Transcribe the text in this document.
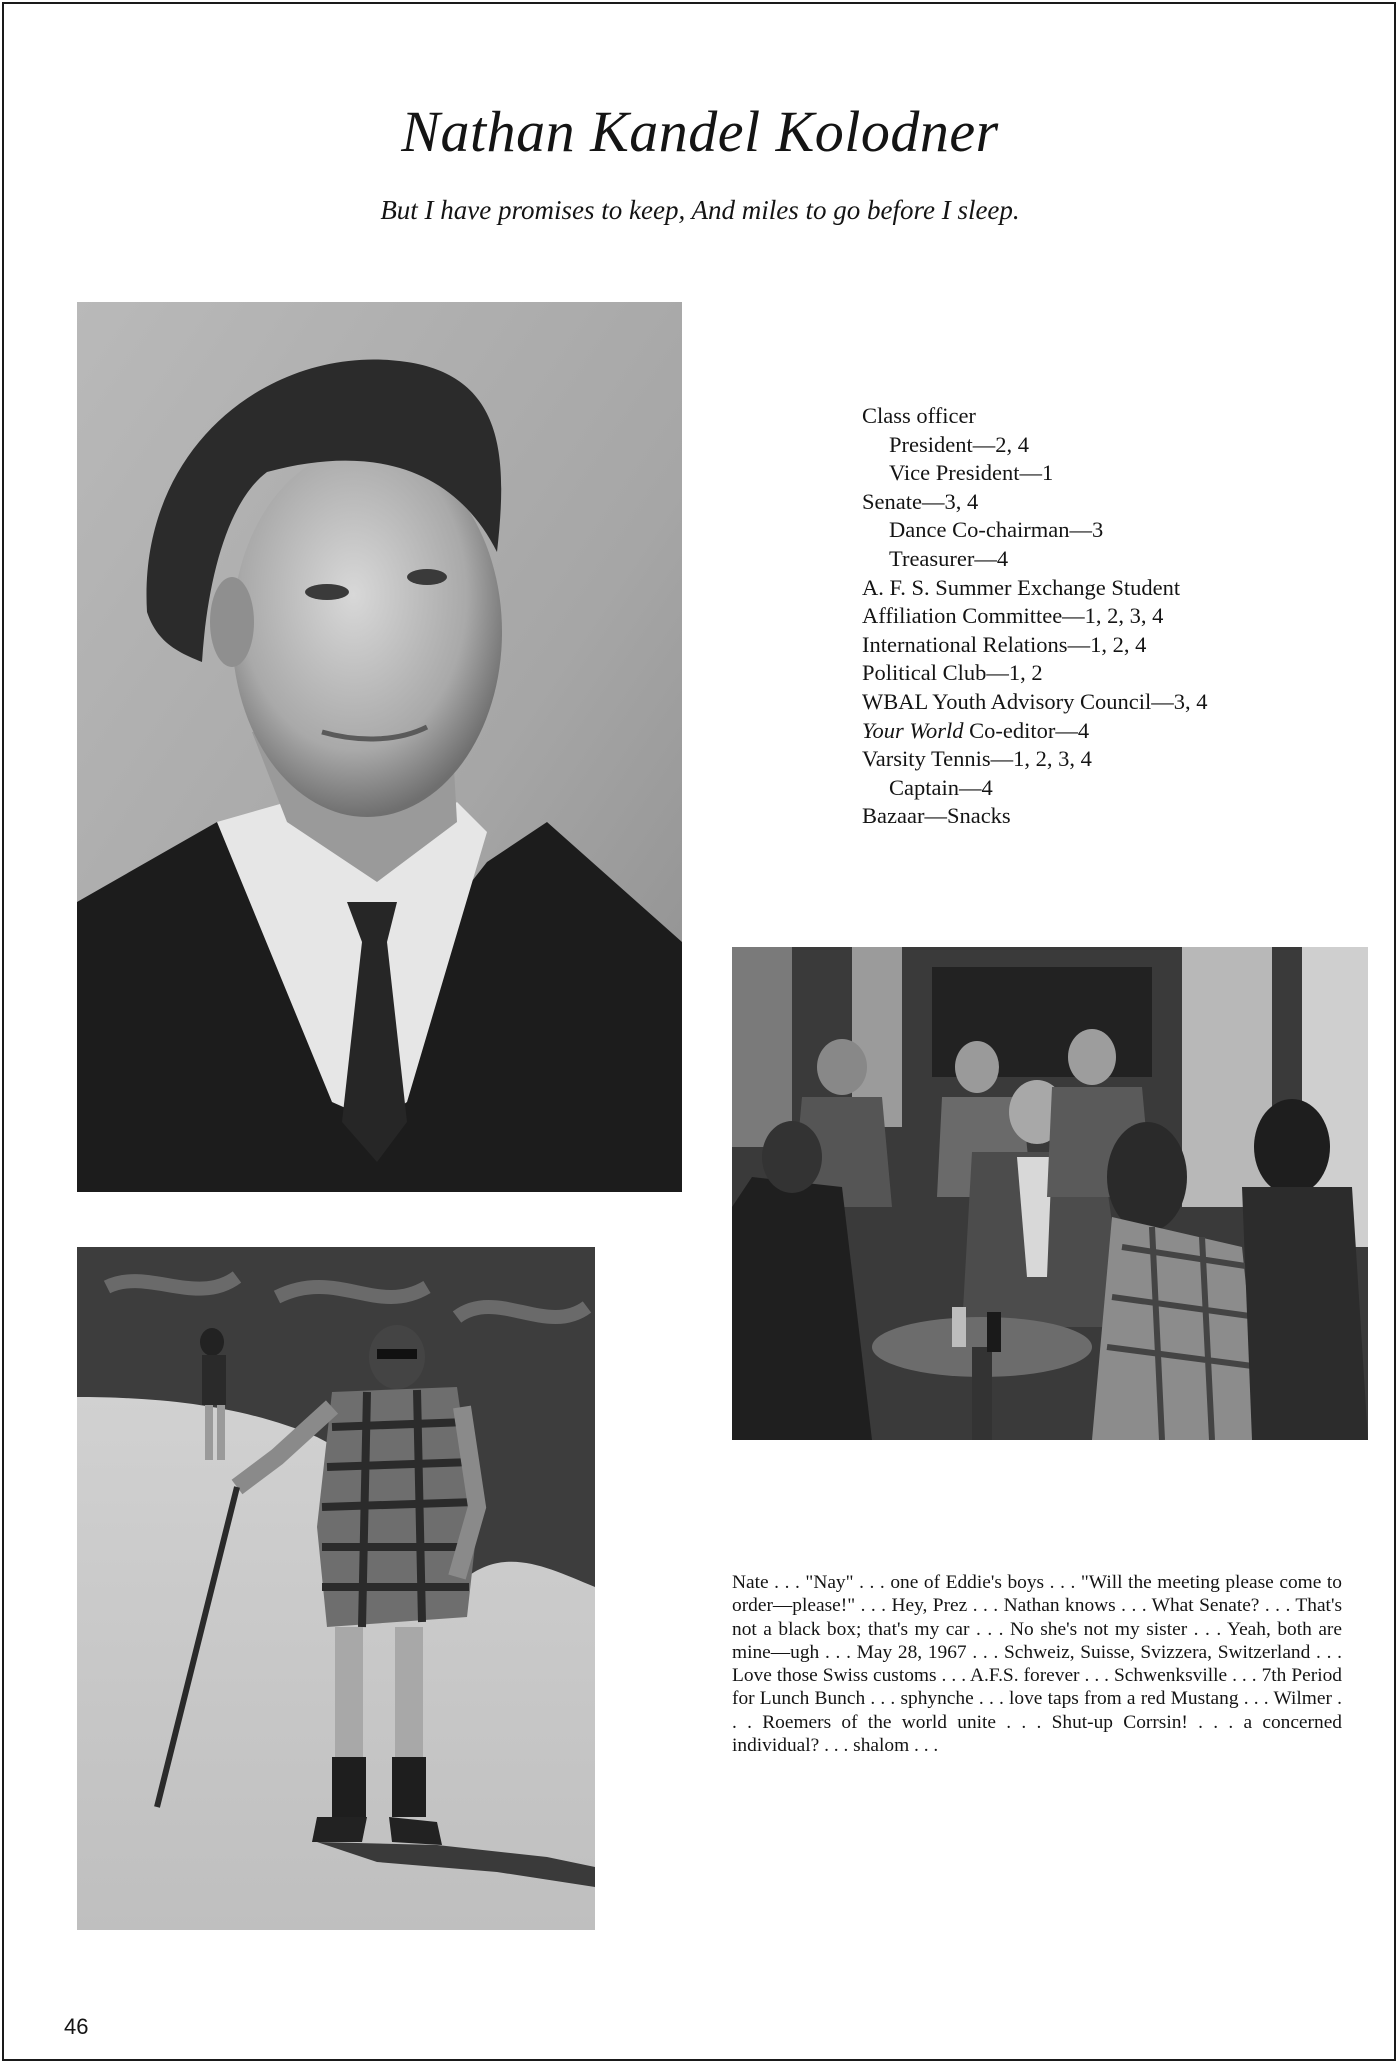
Nathan Kandel Kolodner

But I have promises to keep, And miles to go before I sleep.

Class officer
President—2, 4
Vice President—1
Senate—3, 4
Dance Co-chairman—3
Treasurer—4
A. F. S. Summer Exchange Student
Affiliation Committee—1, 2, 3, 4
International Relations—1, 2, 4
Political Club—1, 2
WBAL Youth Advisory Council—3, 4
Your World Co-editor—4
Varsity Tennis—1, 2, 3, 4
Captain—4
Bazaar—Snacks

Nate . . . "Nay" . . . one of Eddie's boys . . . "Will the meeting please come to order—please!" . . . Hey, Prez . . . Nathan knows . . . What Senate? . . . That's not a black box; that's my car . . . No she's not my sister . . . Yeah, both are mine—ugh . . . May 28, 1967 . . . Schweiz, Suisse, Svizzera, Switzerland . . . Love those Swiss customs . . . A.F.S. forever . . . Schwenksville . . . 7th Period for Lunch Bunch . . . sphynche . . . love taps from a red Mustang . . . Wilmer . . . Roemers of the world unite . . . Shut-up Corrsin! . . . a concerned individual? . . . shalom . . .

46
